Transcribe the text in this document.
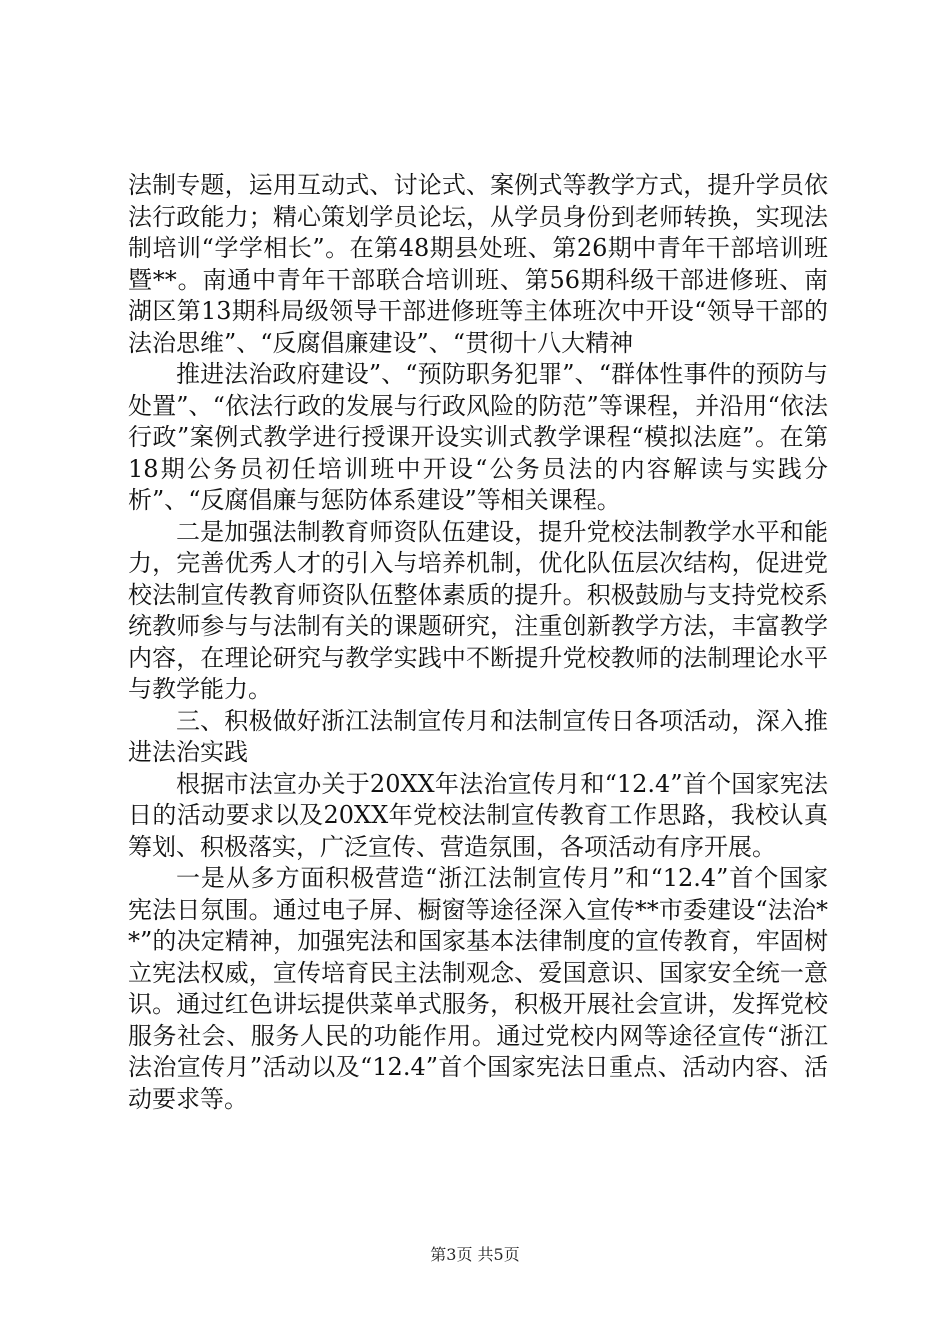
法制专题，运用互动式、讨论式、案例式等教学方式，提升学员依法行政能力；精心策划学员论坛，从学员身份到老师转换，实现法制培训“学学相长”。在第48期县处班、第26期中青年干部培训班暨**。南通中青年干部联合培训班、第56期科级干部进修班、南湖区第13期科局级领导干部进修班等主体班次中开设“领导干部的法治思维”、“反腐倡廉建设”、“贯彻十八大精神

推进法治政府建设”、“预防职务犯罪”、“群体性事件的预防与处置”、“依法行政的发展与行政风险的防范”等课程，并沿用“依法行政”案例式教学进行授课开设实训式教学课程“模拟法庭”。在第18期公务员初任培训班中开设“公务员法的内容解读与实践分析”、“反腐倡廉与惩防体系建设”等相关课程。

二是加强法制教育师资队伍建设，提升党校法制教学水平和能力，完善优秀人才的引入与培养机制，优化队伍层次结构，促进党校法制宣传教育师资队伍整体素质的提升。积极鼓励与支持党校系统教师参与与法制有关的课题研究，注重创新教学方法，丰富教学内容，在理论研究与教学实践中不断提升党校教师的法制理论水平与教学能力。

三、积极做好浙江法制宣传月和法制宣传日各项活动，深入推进法治实践

根据市法宣办关于20XX年法治宣传月和“12.4”首个国家宪法日的活动要求以及20XX年党校法制宣传教育工作思路，我校认真筹划、积极落实，广泛宣传、营造氛围，各项活动有序开展。

一是从多方面积极营造“浙江法制宣传月”和“12.4”首个国家宪法日氛围。通过电子屏、橱窗等途径深入宣传**市委建设“法治**”的决定精神，加强宪法和国家基本法律制度的宣传教育，牢固树立宪法权威，宣传培育民主法制观念、爱国意识、国家安全统一意识。通过红色讲坛提供菜单式服务，积极开展社会宣讲，发挥党校服务社会、服务人民的功能作用。通过党校内网等途径宣传“浙江法治宣传月”活动以及“12.4”首个国家宪法日重点、活动内容、活动要求等。

第3页 共5页
